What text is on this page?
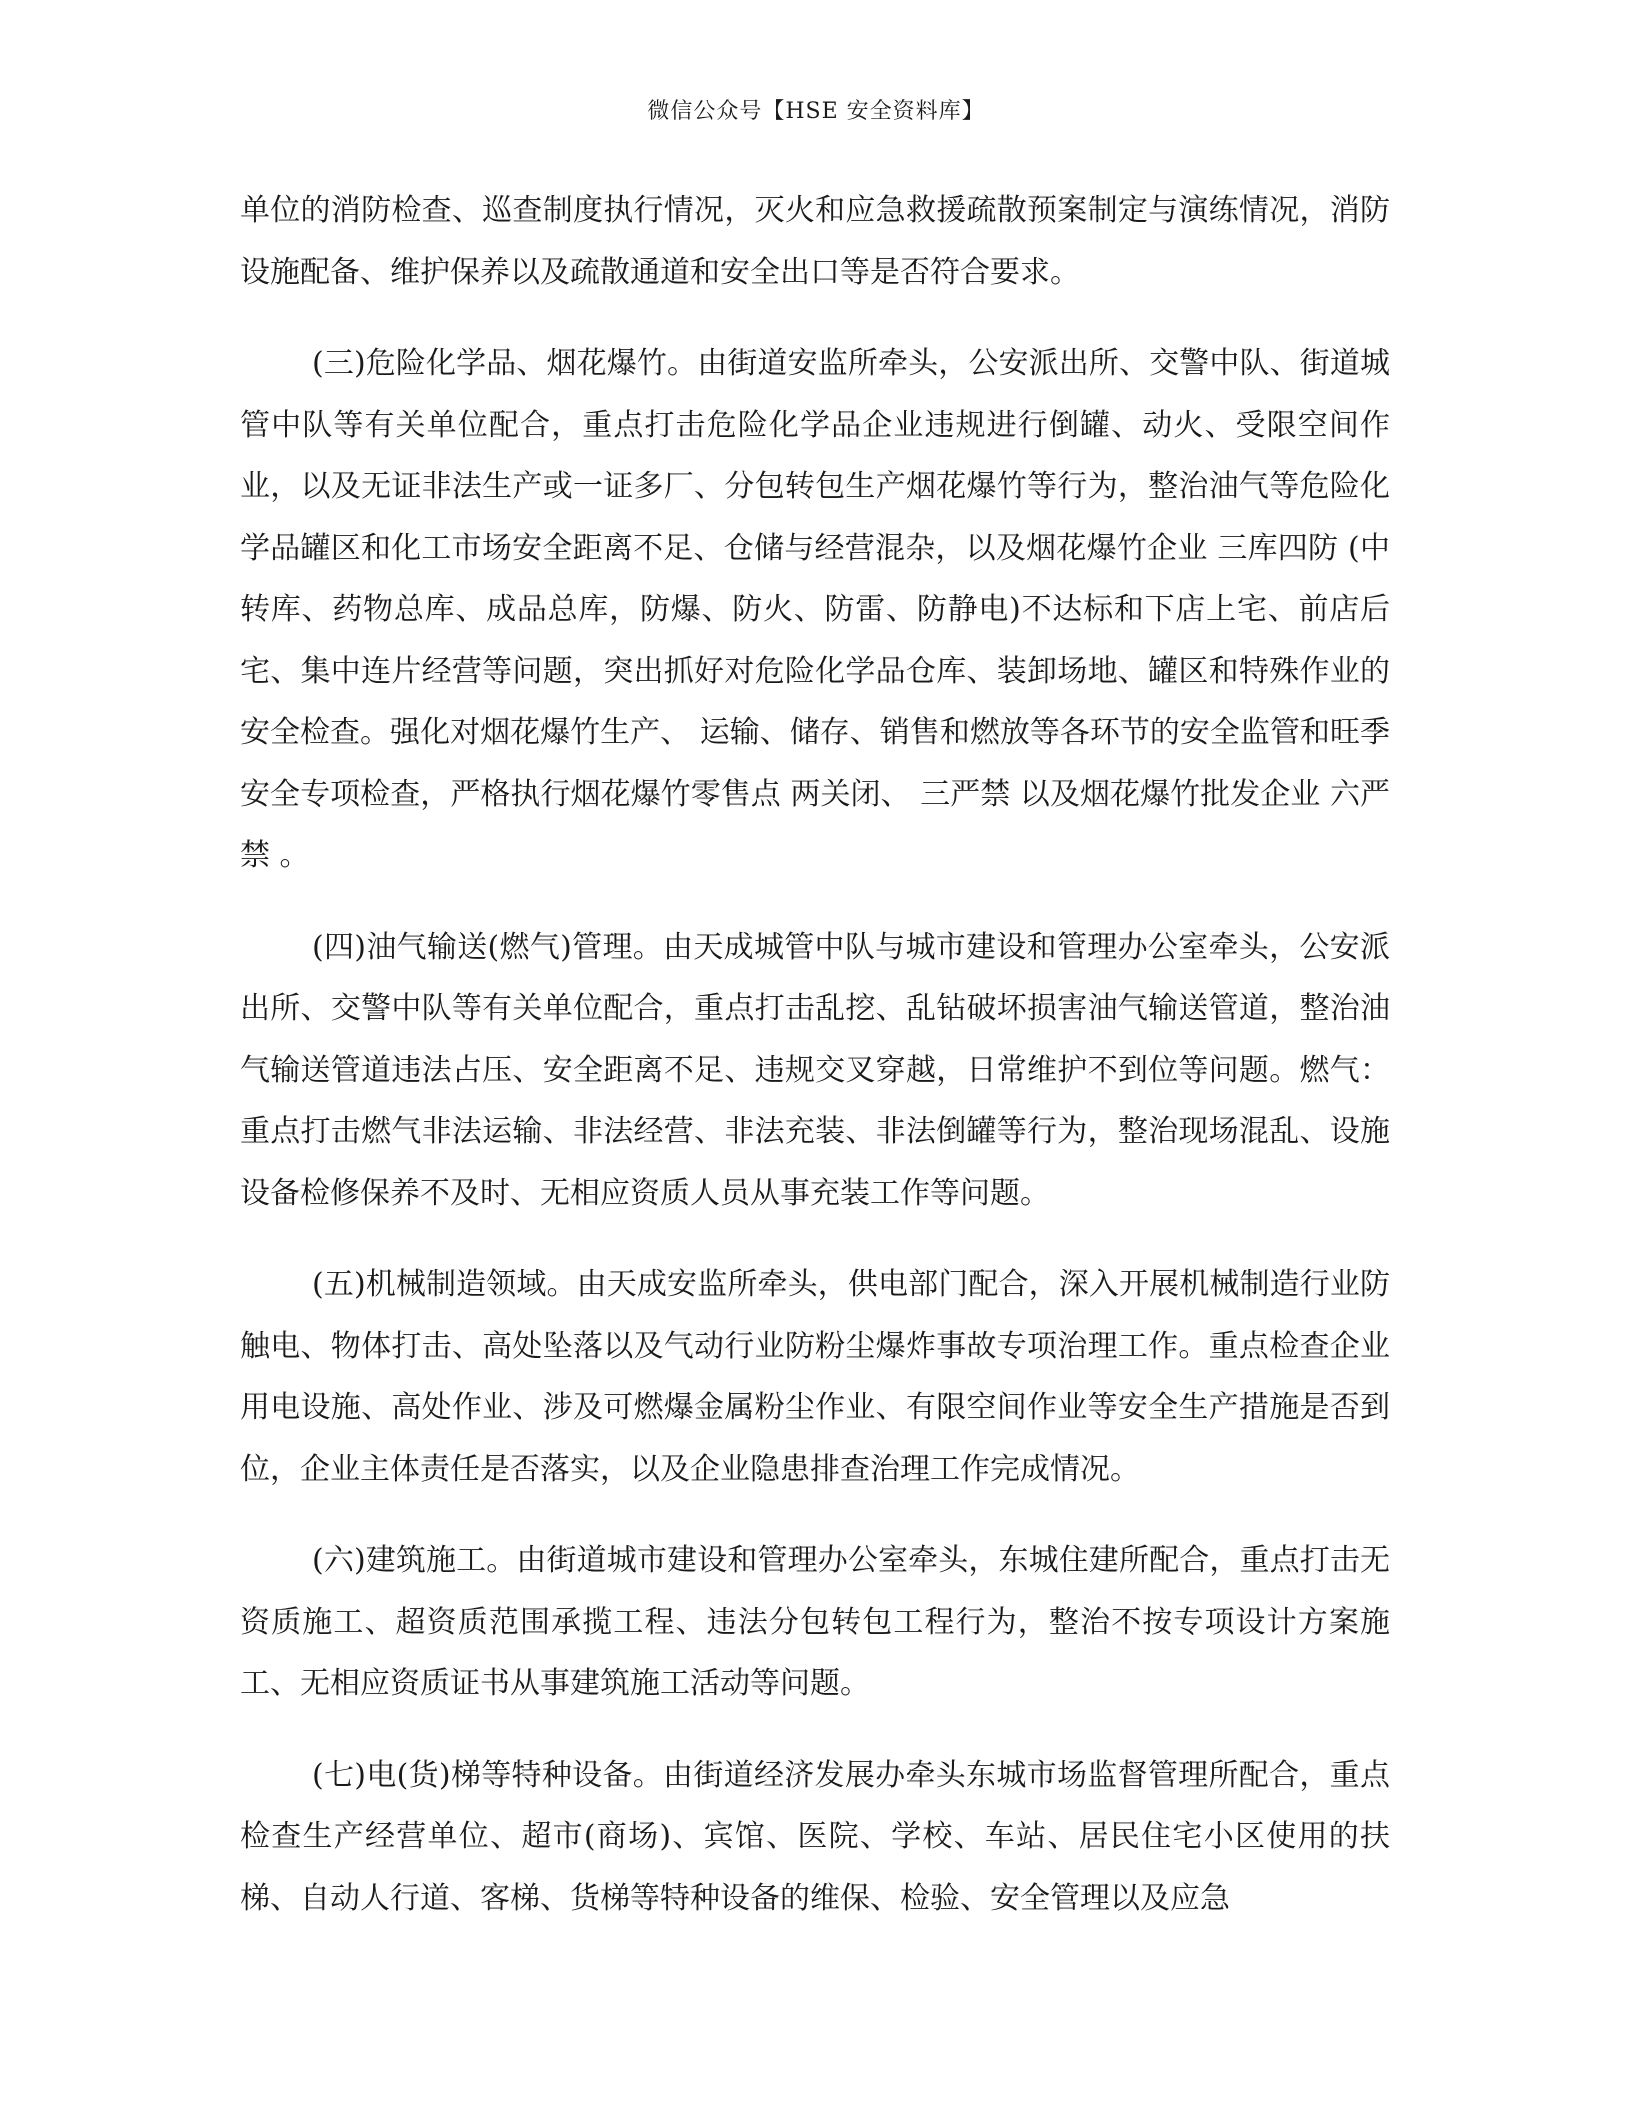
微信公众号【HSE 安全资料库】

单位的消防检查、巡查制度执行情况，灭火和应急救援疏散预案制定与演练情况，消防设施配备、维护保养以及疏散通道和安全出口等是否符合要求。

(三)危险化学品、烟花爆竹。由街道安监所牵头，公安派出所、交警中队、街道城管中队等有关单位配合，重点打击危险化学品企业违规进行倒罐、动火、受限空间作业，以及无证非法生产或一证多厂、分包转包生产烟花爆竹等行为，整治油气等危险化学品罐区和化工市场安全距离不足、仓储与经营混杂，以及烟花爆竹企业 三库四防 (中转库、药物总库、成品总库，防爆、防火、防雷、防静电)不达标和下店上宅、前店后宅、集中连片经营等问题，突出抓好对危险化学品仓库、装卸场地、罐区和特殊作业的安全检查。强化对烟花爆竹生产、 运输、储存、销售和燃放等各环节的安全监管和旺季安全专项检查，严格执行烟花爆竹零售点 两关闭、 三严禁 以及烟花爆竹批发企业 六严禁 。

(四)油气输送(燃气)管理。由天成城管中队与城市建设和管理办公室牵头，公安派出所、交警中队等有关单位配合，重点打击乱挖、乱钻破坏损害油气输送管道，整治油气输送管道违法占压、安全距离不足、违规交叉穿越，日常维护不到位等问题。燃气：重点打击燃气非法运输、非法经营、非法充装、非法倒罐等行为，整治现场混乱、设施设备检修保养不及时、无相应资质人员从事充装工作等问题。

(五)机械制造领域。由天成安监所牵头，供电部门配合，深入开展机械制造行业防触电、物体打击、高处坠落以及气动行业防粉尘爆炸事故专项治理工作。重点检查企业用电设施、高处作业、涉及可燃爆金属粉尘作业、有限空间作业等安全生产措施是否到位，企业主体责任是否落实，以及企业隐患排查治理工作完成情况。

(六)建筑施工。由街道城市建设和管理办公室牵头，东城住建所配合，重点打击无资质施工、超资质范围承揽工程、违法分包转包工程行为，整治不按专项设计方案施工、无相应资质证书从事建筑施工活动等问题。

(七)电(货)梯等特种设备。由街道经济发展办牵头东城市场监督管理所配合，重点检查生产经营单位、超市(商场)、宾馆、医院、学校、车站、居民住宅小区使用的扶梯、自动人行道、客梯、货梯等特种设备的维保、检验、安全管理以及应急
